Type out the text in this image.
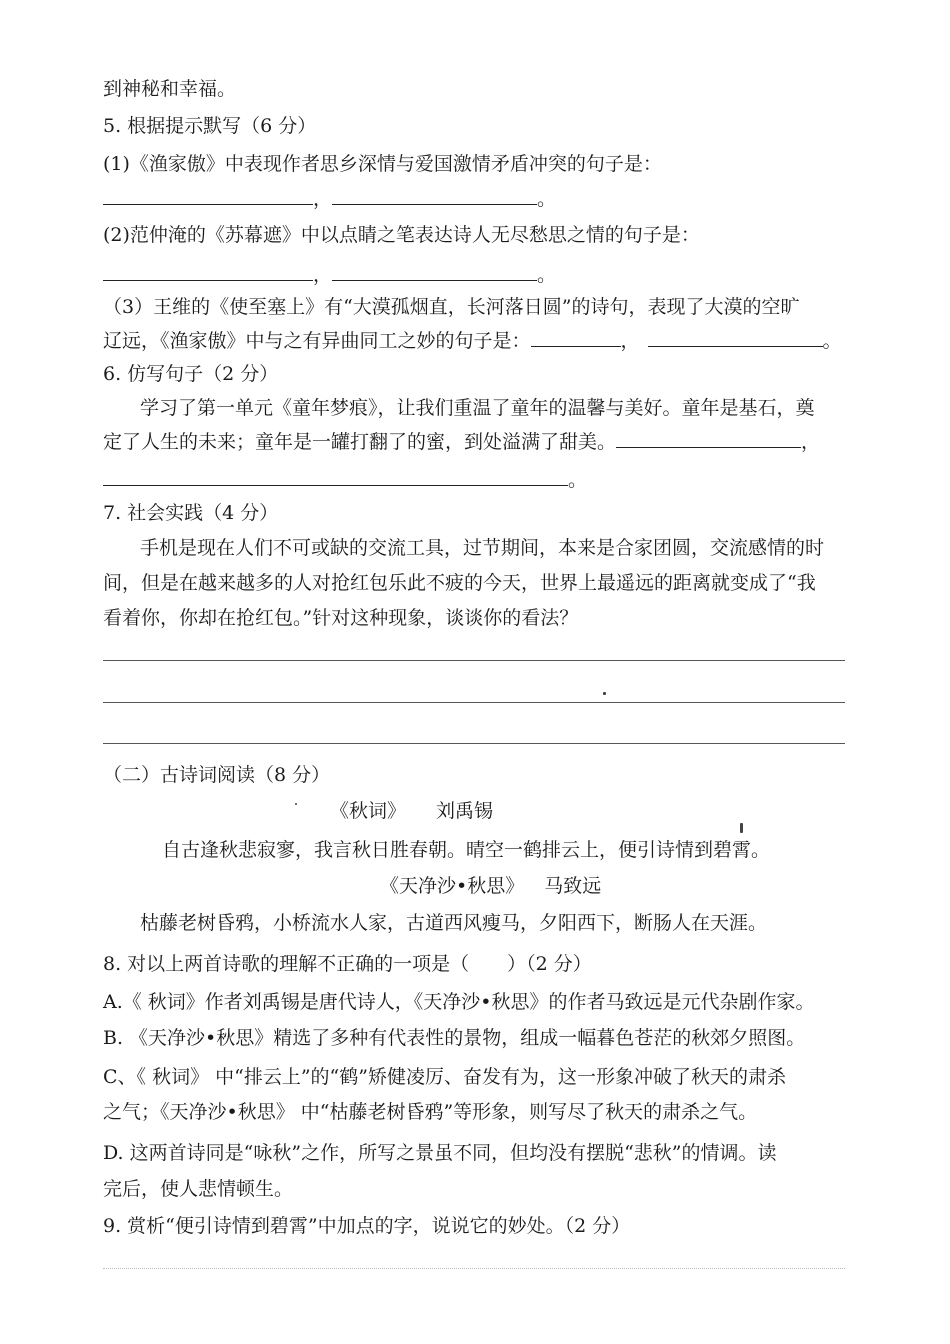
到神秘和幸福。
5. 根据提示默写（6 分）
(1)《渔家傲》中表现作者思乡深情与爱国激情矛盾冲突的句子是：
，	。
(2)范仲淹的《苏幕遮》中以点睛之笔表达诗人无尽愁思之情的句子是：
，	。
（3）王维的《使至塞上》有“大漠孤烟直，长河落日圆”的诗句，表现了大漠的空旷
辽远，《渔家傲》中与之有异曲同工之妙的句子是：	，	。
6. 仿写句子（2 分）
学习了第一单元《童年梦痕》，让我们重温了童年的温馨与美好。童年是基石，奠
定了人生的未来；童年是一罐打翻了的蜜，到处溢满了甜美。	，
。
7. 社会实践（4 分）
手机是现在人们不可或缺的交流工具，过节期间，本来是合家团圆，交流感情的时
间，但是在越来越多的人对抢红包乐此不疲的今天，世界上最遥远的距离就变成了“我
看着你，你却在抢红包。”针对这种现象，谈谈你的看法？
（二）古诗词阅读（8 分）
《秋词》 刘禹锡
自古逢秋悲寂寥，我言秋日胜春朝。晴空一鹤排云上，便引诗情到碧霄。
《天净沙•秋思》 马致远
枯藤老树昏鸦，小桥流水人家，古道西风瘦马，夕阳西下，断肠人在天涯。
8. 对以上两首诗歌的理解不正确的一项是（　　）（2 分）
A.《 秋词》作者刘禹锡是唐代诗人，《天净沙•秋思》的作者马致远是元代杂剧作家。
B. 《天净沙•秋思》精选了多种有代表性的景物，组成一幅暮色苍茫的秋郊夕照图。
C、《 秋词》 中“排云上”的“鹤”矫健凌厉、奋发有为，这一形象冲破了秋天的肃杀
之气；《天净沙•秋思》 中“枯藤老树昏鸦”等形象，则写尽了秋天的肃杀之气。
D. 这两首诗同是“咏秋”之作，所写之景虽不同，但均没有摆脱“悲秋”的情调。读
完后，使人悲情顿生。
9. 赏析“便引诗情到碧霄”中加点的字，说说它的妙处。（2 分）
